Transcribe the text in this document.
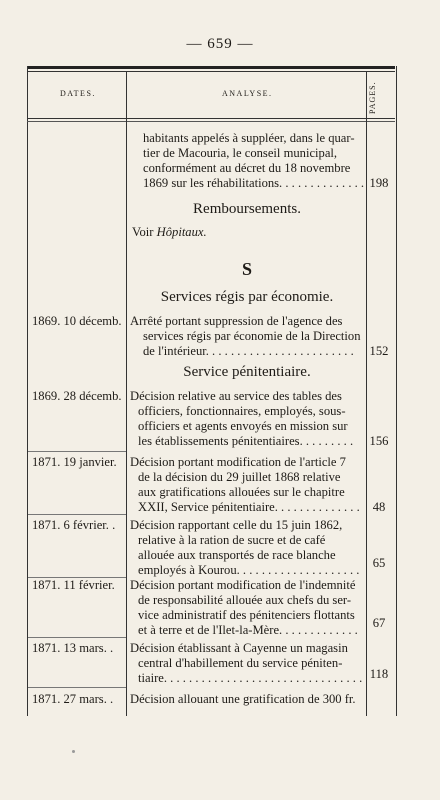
— 659 —
DATES.	ANALYSE.	PAGES.
habitants appelés à suppléer, dans le quar-
tier de Macouria, le conseil municipal,
conformément au décret du 18 novembre
1869 sur les réhabilitations. . . . . . . . . . . . . . 198
Remboursements.
Voir Hôpitaux.
S
Services régis par économie.
1869. 10 décemb. Arrêté portant suppression de l'agence des
services régis par économie de la Direction
de l'intérieur. . . . . . . . . . . . . . . . . . . . . . . . 152
Service pénitentiaire.
1869. 28 décemb. Décision relative au service des tables des
officiers, fonctionnaires, employés, sous-
officiers et agents envoyés en mission sur
les établissements pénitentiaires. . . . . . . . . 156
1871. 19 janvier.	Décision portant modification de l'article 7
de la décision du 29 juillet 1868 relative
aux gratifications allouées sur le chapitre
XXII, Service pénitentiaire. . . . . . . . . . . . . .	48
1871. 6 février. .	Décision rapportant celle du 15 juin 1862,
relative à la ration de sucre et de café
allouée aux transportés de race blanche
employés à Kourou. . . . . . . . . . . . . . . . . . . .	65
1871. 11 février.	Décision portant modification de l'indemnité
de responsabilité allouée aux chefs du ser-
vice administratif des pénitenciers flottants
et à terre et de l'Ilet-la-Mère. . . . . . . . . . . . .	67
1871. 13 mars. .	Décision établissant à Cayenne un magasin
central d'habillement du service péniten-
tiaire. . . . . . . . . . . . . . . . . . . . . . . . . . . . . . . . 118
1871. 27 mars. .	Décision allouant une gratification de 300 fr.
